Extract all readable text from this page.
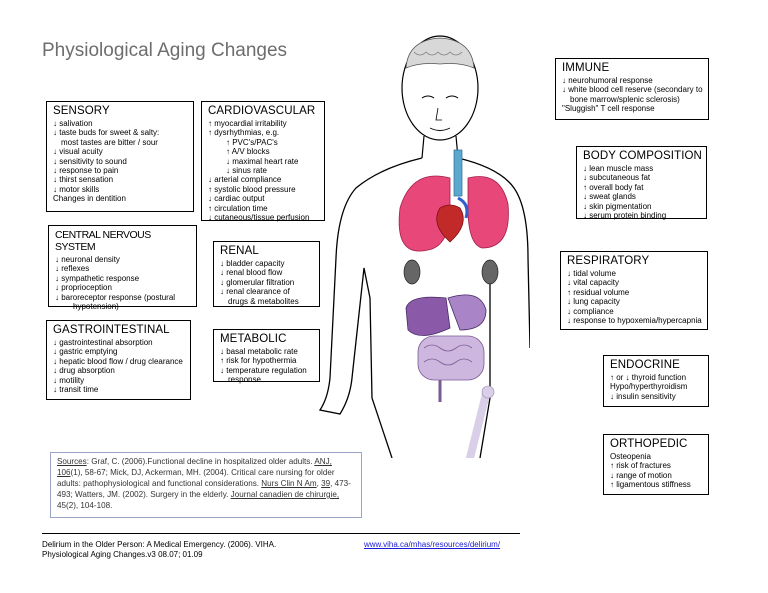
Physiological Aging Changes
SENSORY
↓ salivation
↓ taste buds for sweet & salty:
most tastes are bitter / sour
↓ visual acuity
↓ sensitivity to sound
↓ response to pain
↓ thirst sensation
↓ motor skills
Changes in dentition
CARDIOVASCULAR
↑ myocardial irritability
↑ dysrhythmias, e.g.
↑ PVC's/PAC's
↑ A/V blocks
↓ maximal heart rate
↓ sinus rate
↓ arterial compliance
↑ systolic blood pressure
↓ cardiac output
↑ circulation time
↓ cutaneous/tissue perfusion
CENTRAL NERVOUS SYSTEM
↓ neuronal density
↓ reflexes
↓ sympathetic response
↓ proprioception
↓ baroreceptor response (postural
hypotension)
RENAL
↓ bladder capacity
↓ renal blood flow
↓ glomerular filtration
↓ renal clearance of
drugs & metabolites
GASTROINTESTINAL
↓ gastrointestinal absorption
↓ gastric emptying
↓ hepatic blood flow / drug clearance
↓ drug absorption
↓ motility
↓ transit time
METABOLIC
↓ basal metabolic rate
↑ risk for hypothermia
↓ temperature regulation
response
IMMUNE
↓ neurohumoral response
↓ white blood cell reserve (secondary to
bone marrow/splenic sclerosis)
"Sluggish" T cell response
BODY COMPOSITION
↓ lean muscle mass
↓ subcutaneous fat
↑ overall body fat
↓ sweat glands
↓ skin pigmentation
↓ serum protein binding
RESPIRATORY
↓ tidal volume
↓ vital capacity
↑ residual volume
↓ lung capacity
↓ compliance
↓ response to hypoxemia/hypercapnia
ENDOCRINE
↑ or ↓ thyroid function
Hypo/hyperthyroidism
↓ insulin sensitivity
ORTHOPEDIC
Osteopenia
↑ risk of fractures
↓ range of motion
↑ ligamentous stiffness
Sources: Graf, C. (2006).Functional decline in hospitalized older adults. ANJ, 106(1), 58-67; Mick, DJ, Ackerman, MH. (2004). Critical care nursing for older adults: pathophysiological and functional considerations. Nurs Clin N Am, 39, 473-493; Watters, JM. (2002). Surgery in the elderly. Journal canadien de chirurgie, 45(2), 104-108.
Delirium in the Older Person: A Medical Emergency. (2006). VIHA.
Physiological Aging Changes.v3 08.07; 01.09
www.viha.ca/mhas/resources/delirium/
